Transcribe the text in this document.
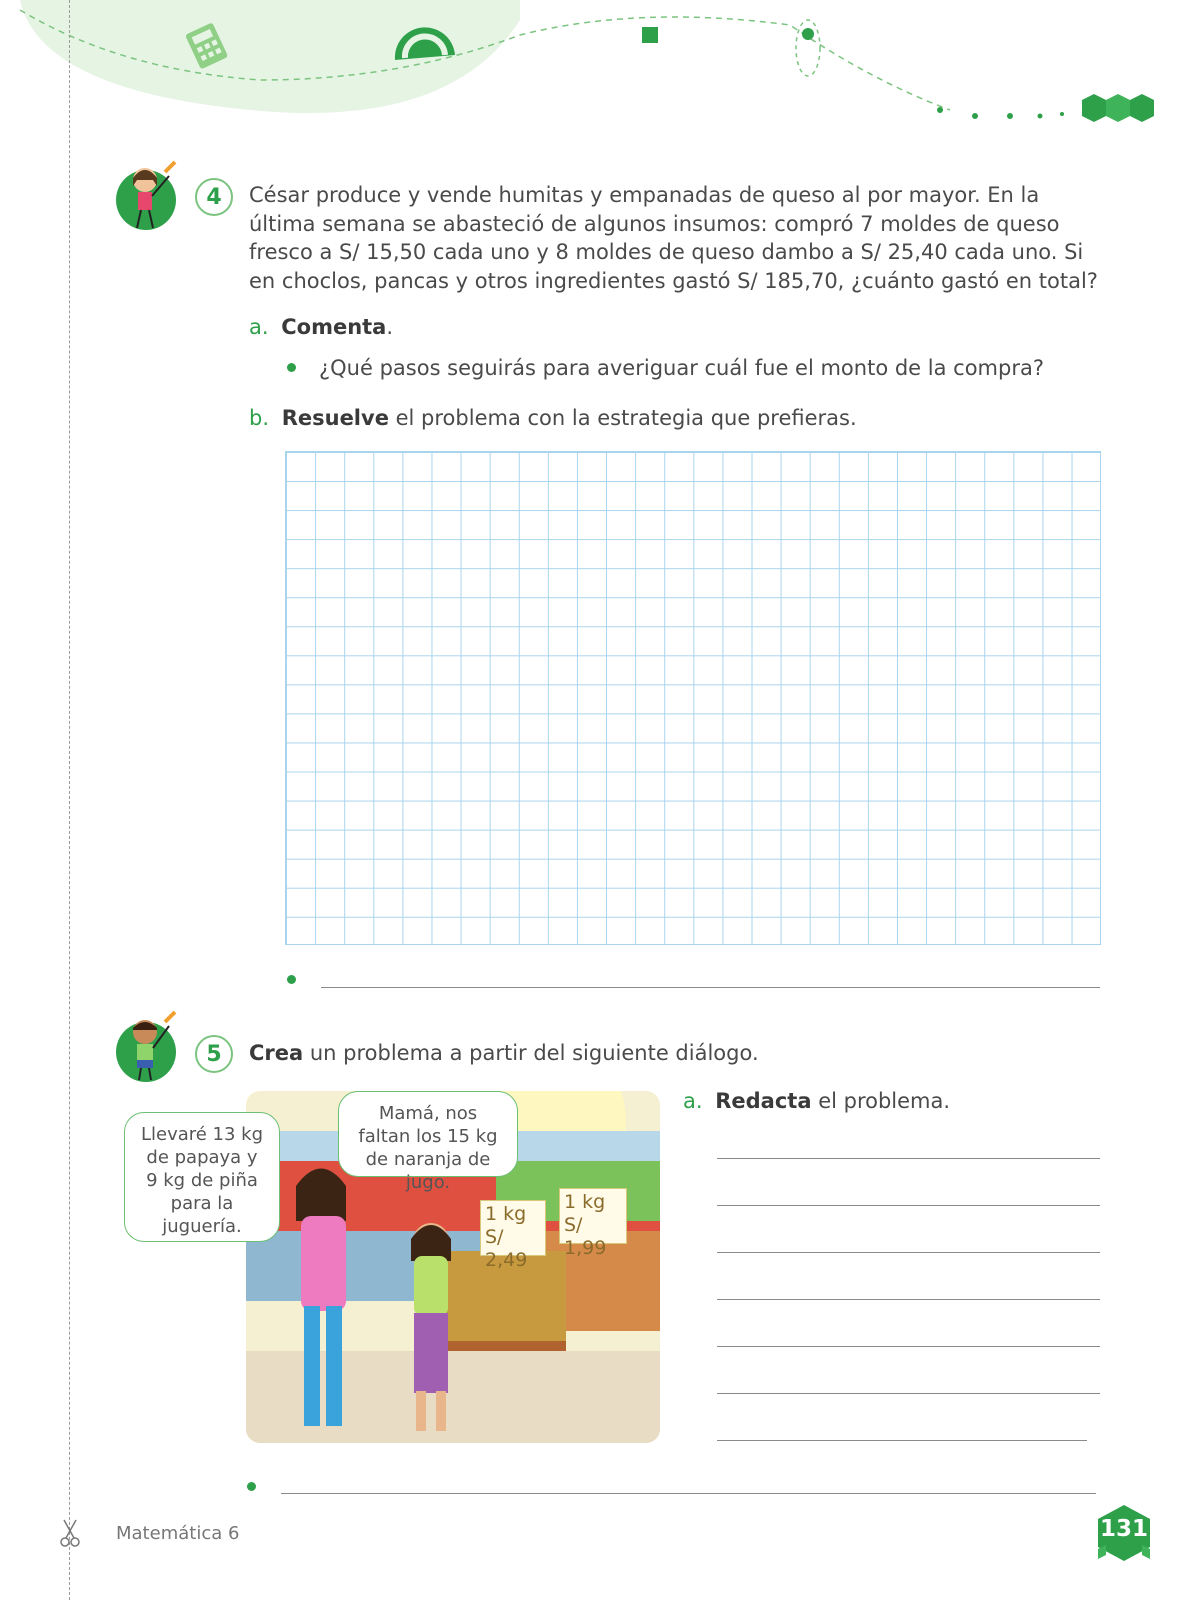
4	César produce y vende humitas y empanadas de queso al por mayor. En la última semana se abasteció de algunos insumos: compró 7 moldes de queso fresco a S/ 15,50 cada uno y 8 moldes de queso dambo a S/ 25,40 cada uno. Si en choclos, pancas y otros ingredientes gastó S/ 185,70, ¿cuánto gastó en total?
a. Comenta.
¿Qué pasos seguirás para averiguar cuál fue el monto de la compra?
b. Resuelve el problema con la estrategia que prefieras.
5	Crea un problema a partir del siguiente diálogo.
Llevaré 13 kg de papaya y 9 kg de piña para la juguería.
Mamá, nos faltan los 15 kg de naranja de jugo.
1 kg S/ 2,49
1 kg S/ 1,99
a. Redacta el problema.
Matemática 6	131
